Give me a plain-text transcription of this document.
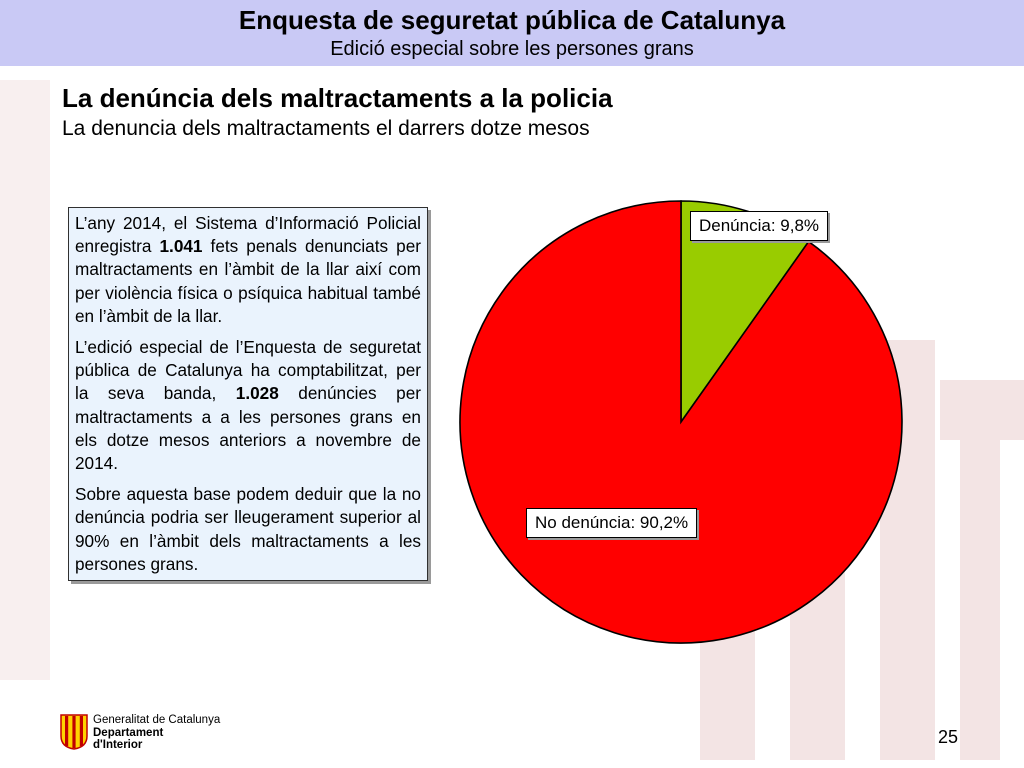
Enquesta de seguretat pública de Catalunya
Edició especial sobre les persones grans
La denúncia dels maltractaments a la policia
La denuncia dels maltractaments el darrers dotze mesos

L’any 2014, el Sistema d’Informació Policial enregistra 1.041 fets penals denunciats per maltractaments en l’àmbit de la llar així com per violència física o psíquica habitual també en l’àmbit de la llar.

L’edició especial de l’Enquesta de seguretat pública de Catalunya ha comptabilitzat, per la seva banda, 1.028 denúncies per maltractaments a a les persones grans en els dotze mesos anteriors a novembre de 2014.

Sobre aquesta base podem deduir que la no denúncia podria ser lleugerament superior al 90% en l’àmbit dels maltractaments a les persones grans.

Denúncia: 9,8%
No denúncia: 90,2%
Generalitat de Catalunya
Departament
d'Interior	25
